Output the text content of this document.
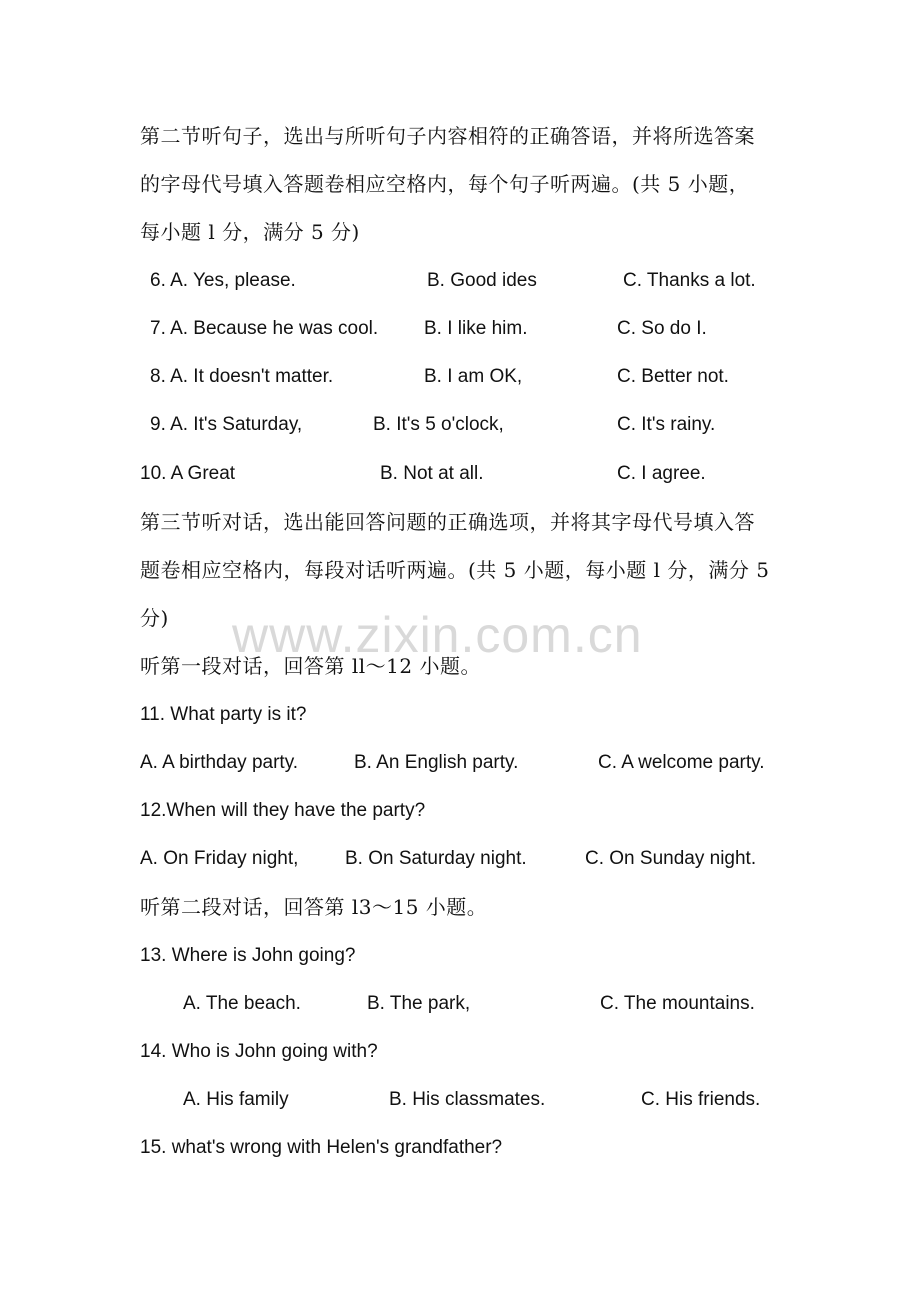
第二节听句子，选出与所听句子内容相符的正确答语，并将所选答案
的字母代号填入答题卷相应空格内，每个句子听两遍。(共 5 小题，
每小题 l 分，满分 5 分)
6. A. Yes, please.	B. Good ides	C. Thanks a lot.
7. A. Because he was cool. B. I like him.	C. So do I.
8. A. It doesn't matter.	B. I am OK,	C. Better not.
9. A. It's Saturday,	B. It's 5 o'clock,	C. It's rainy.
10. A Great	B. Not at all.	C. I agree.
第三节听对话，选出能回答问题的正确选项，并将其字母代号填入答
题卷相应空格内，每段对话听两遍。(共 5 小题，每小题 l 分，满分 5
分) www.zixin.com.cn
听第一段对话，回答第 ll～12 小题。
11. What party is it?
A. A birthday party.	B. An English party.	C. A welcome party.
12.When will they have the party?
A. On Friday night, B. On Saturday night.	C. On Sunday night.
听第二段对话，回答第 l3～15 小题。
13. Where is John going?
A. The beach.	B. The park,	C. The mountains.
14. Who is John going with?
A. His family	B. His classmates.	C. His friends.
15. what's wrong with Helen's grandfather?
